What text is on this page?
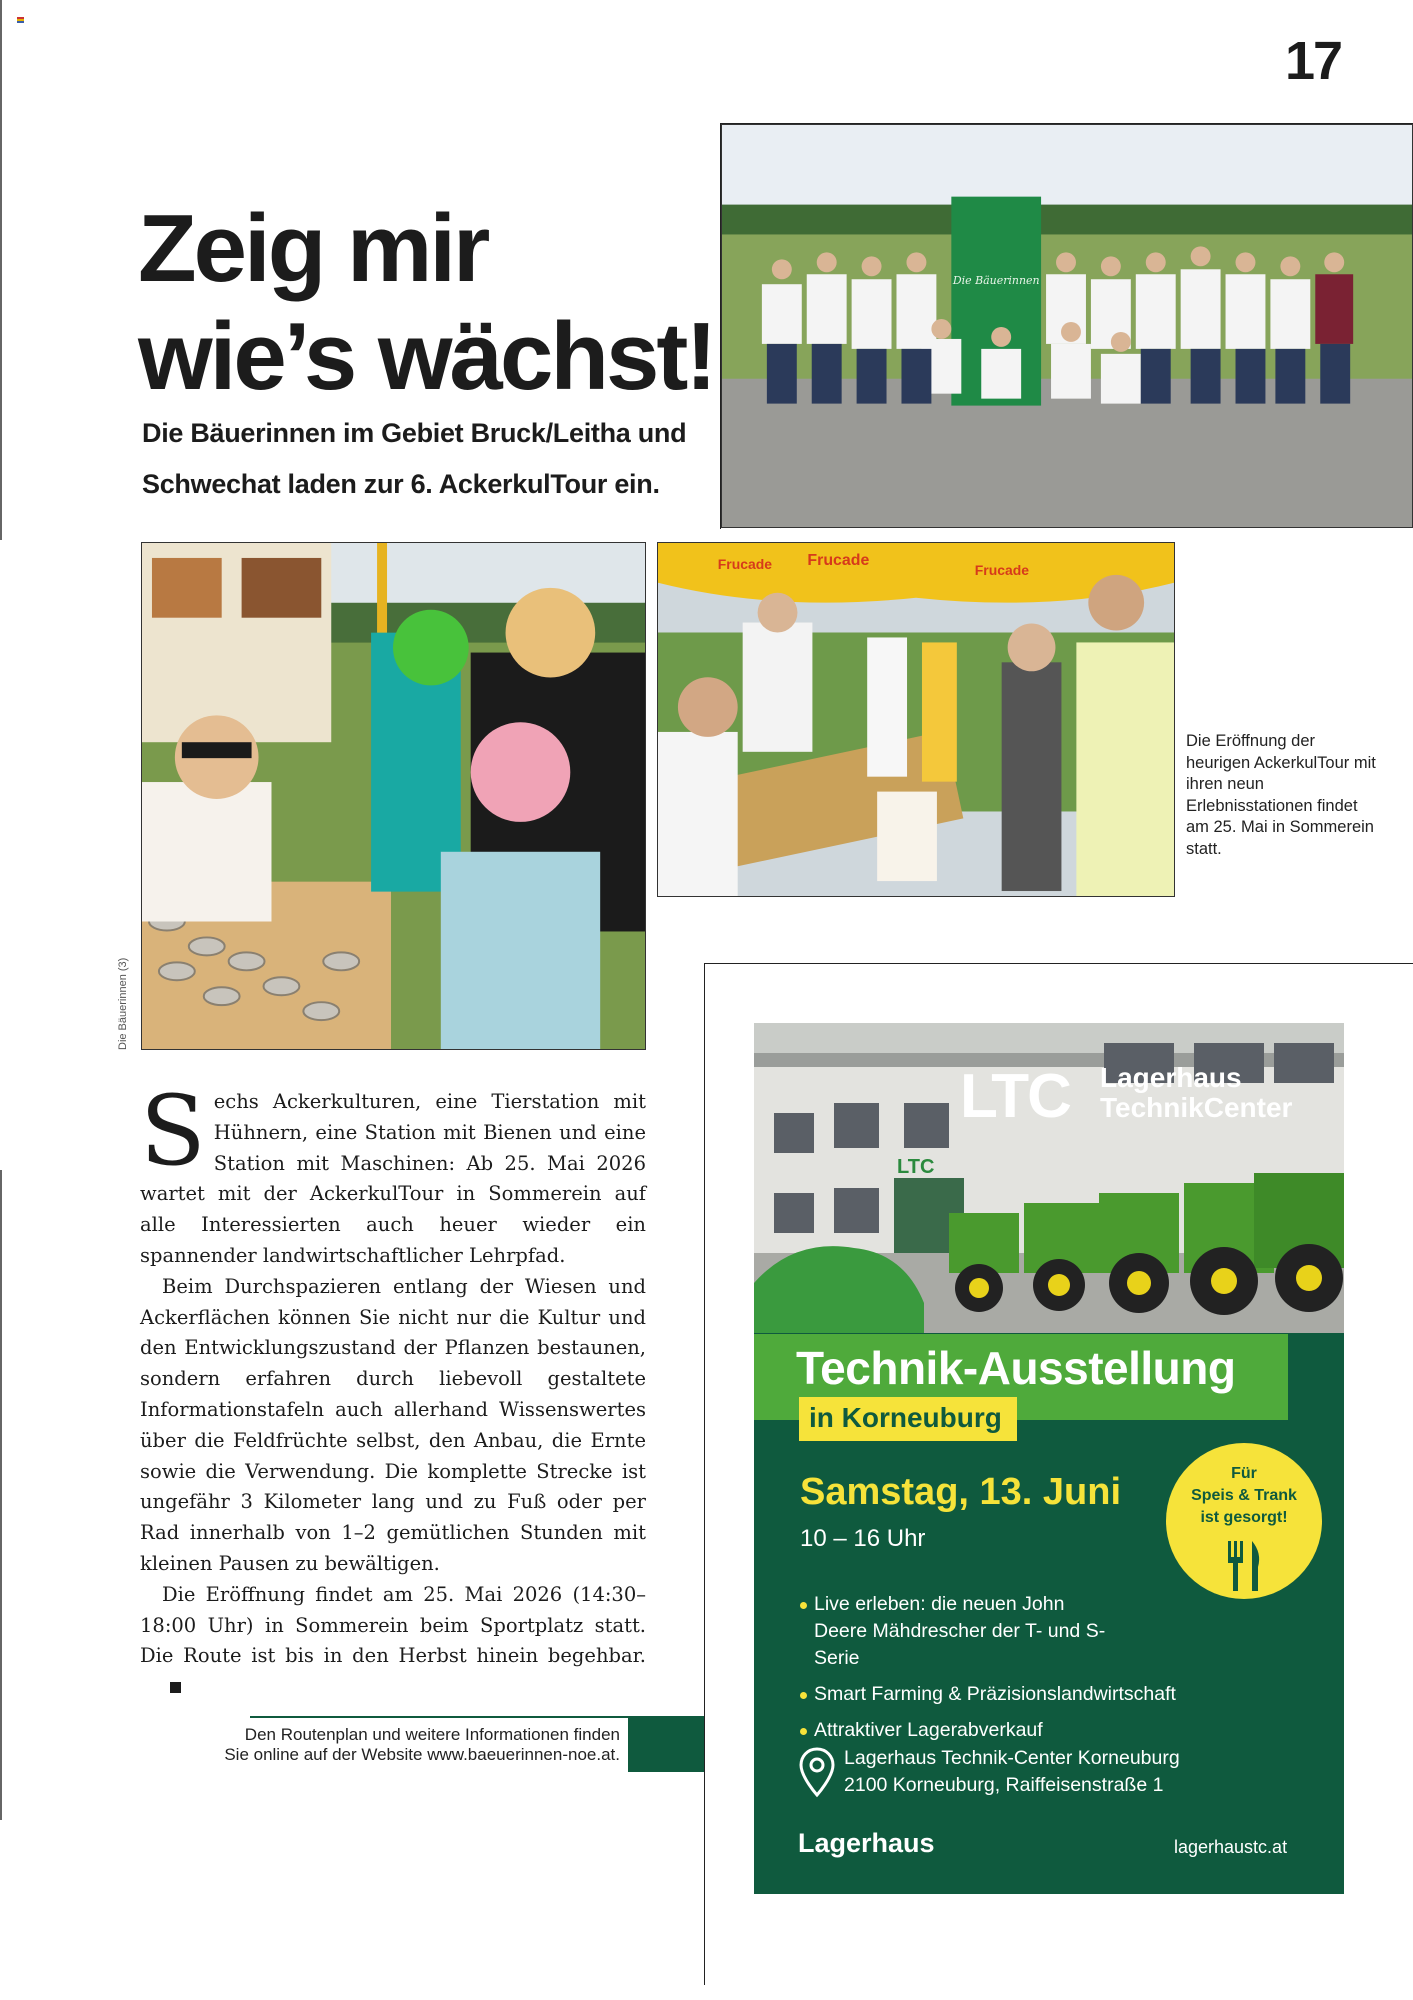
17
Zeig mir
wie’s wächst!
Die Bäuerinnen im Gebiet Bruck/Leitha und
Schwechat laden zur 6. AckerkulTour ein.
Die Bäuerinnen
Die Bäuerinnen (3)
Frucade Frucade
Frucade
Die Eröffnung der heurigen AckerkulTour mit ihren neun Erlebnisstationen findet am 25. Mai in Sommerein statt.

Sechs Ackerkulturen, eine Tierstation mit Hühnern, eine Station mit Bienen und eine Station mit Maschinen: Ab 25. Mai 2026 wartet mit der AckerkulTour in Sommerein auf alle Interessierten auch heuer wieder ein spannender landwirtschaftlicher Lehrpfad.

Beim Durchspazieren entlang der Wiesen und Ackerflächen können Sie nicht nur die Kultur und den Entwicklungszustand der Pflanzen bestaunen, sondern erfahren durch liebevoll gestaltete Informationstafeln auch allerhand Wissenswertes über die Feldfrüchte selbst, den Anbau, die Ernte sowie die Verwendung. Die komplette Strecke ist ungefähr 3 Kilometer lang und zu Fuß oder per Rad innerhalb von 1–2 gemütlichen Stunden mit kleinen Pausen zu bewältigen.

Die Eröffnung findet am 25. Mai 2026 (14:30–18:00 Uhr) in Sommerein beim Sportplatz statt. Die Route ist bis in den Herbst hinein begehbar.

Den Routenplan und weitere Informationen finden
Sie online auf der Website www.baeuerinnen-noe.at.
LTC
LTC Lagerhaus
TechnikCenter
Technik-Ausstellung
in Korneuburg
Samstag, 13. Juni
10 – 16 Uhr
Für
Speis & Trank
ist gesorgt!
Live erleben: die neuen John Deere Mähdrescher der T- und S-Serie
Smart Farming & Präzisionslandwirtschaft
Attraktiver Lagerabverkauf
Lagerhaus Technik-Center Korneuburg
2100 Korneuburg, Raiffeisenstraße 1
Lagerhaus	lagerhaustc.at
